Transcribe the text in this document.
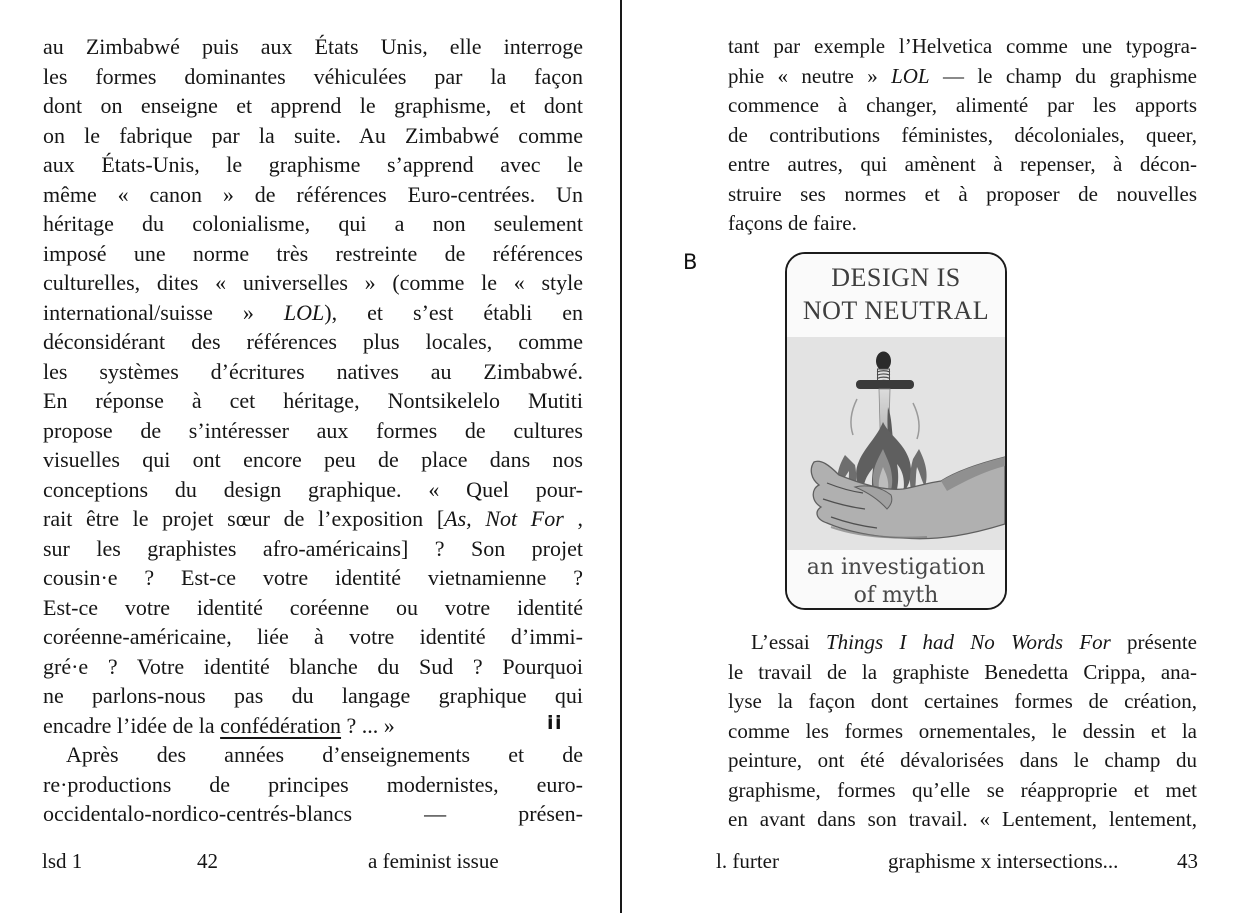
au Zimbabwé puis aux États Unis, elle interroge
les formes dominantes véhiculées par la façon
dont on enseigne et apprend le graphisme, et dont
on le fabrique par la suite. Au Zimbabwé comme
aux États-Unis, le graphisme s’apprend avec le
même « canon » de références Euro-centrées. Un
héritage du colonialisme, qui a non seulement
imposé une norme très restreinte de références
culturelles, dites « universelles » (comme le « style
international/suisse » LOL), et s’est établi en
déconsidérant des références plus locales, comme
les systèmes d’écritures natives au Zimbabwé.
En réponse à cet héritage, Nontsikelelo Mutiti
propose de s’intéresser aux formes de cultures
visuelles qui ont encore peu de place dans nos
conceptions du design graphique. « Quel pour-
rait être le projet sœur de l’exposition [As, Not For ,
sur les graphistes afro-américains] ? Son projet
cousin·e ? Est-ce votre identité vietnamienne ?
Est-ce votre identité coréenne ou votre identité
coréenne-américaine, liée à votre identité d’immi-
gré·e ? Votre identité blanche du Sud ? Pourquoi
ne parlons-nous pas du langage graphique qui
encadre l’idée de la confédération ? ... »
Après des années d’enseignements et de
re·productions de principes modernistes, euro-
occidentalo-nordico-centrés-blancs — présen-
ii
lsd 1	42	a feminist issue
tant par exemple l’Helvetica comme une typogra-
phie « neutre » LOL — le champ du graphisme
commence à changer, alimenté par les apports
de contributions féministes, décoloniales, queer,
entre autres, qui amènent à repenser, à décon-
struire ses normes et à proposer de nouvelles
façons de faire.
B
DESIGN IS
NOT NEUTRAL
an investigation
of myth
L’essai Things I had No Words For présente
le travail de la graphiste Benedetta Crippa, ana-
lyse la façon dont certaines formes de création,
comme les formes ornementales, le dessin et la
peinture, ont été dévalorisées dans le champ du
graphisme, formes qu’elle se réapproprie et met
en avant dans son travail. « Lentement, lentement,
l. furter	graphisme x intersections...	43
